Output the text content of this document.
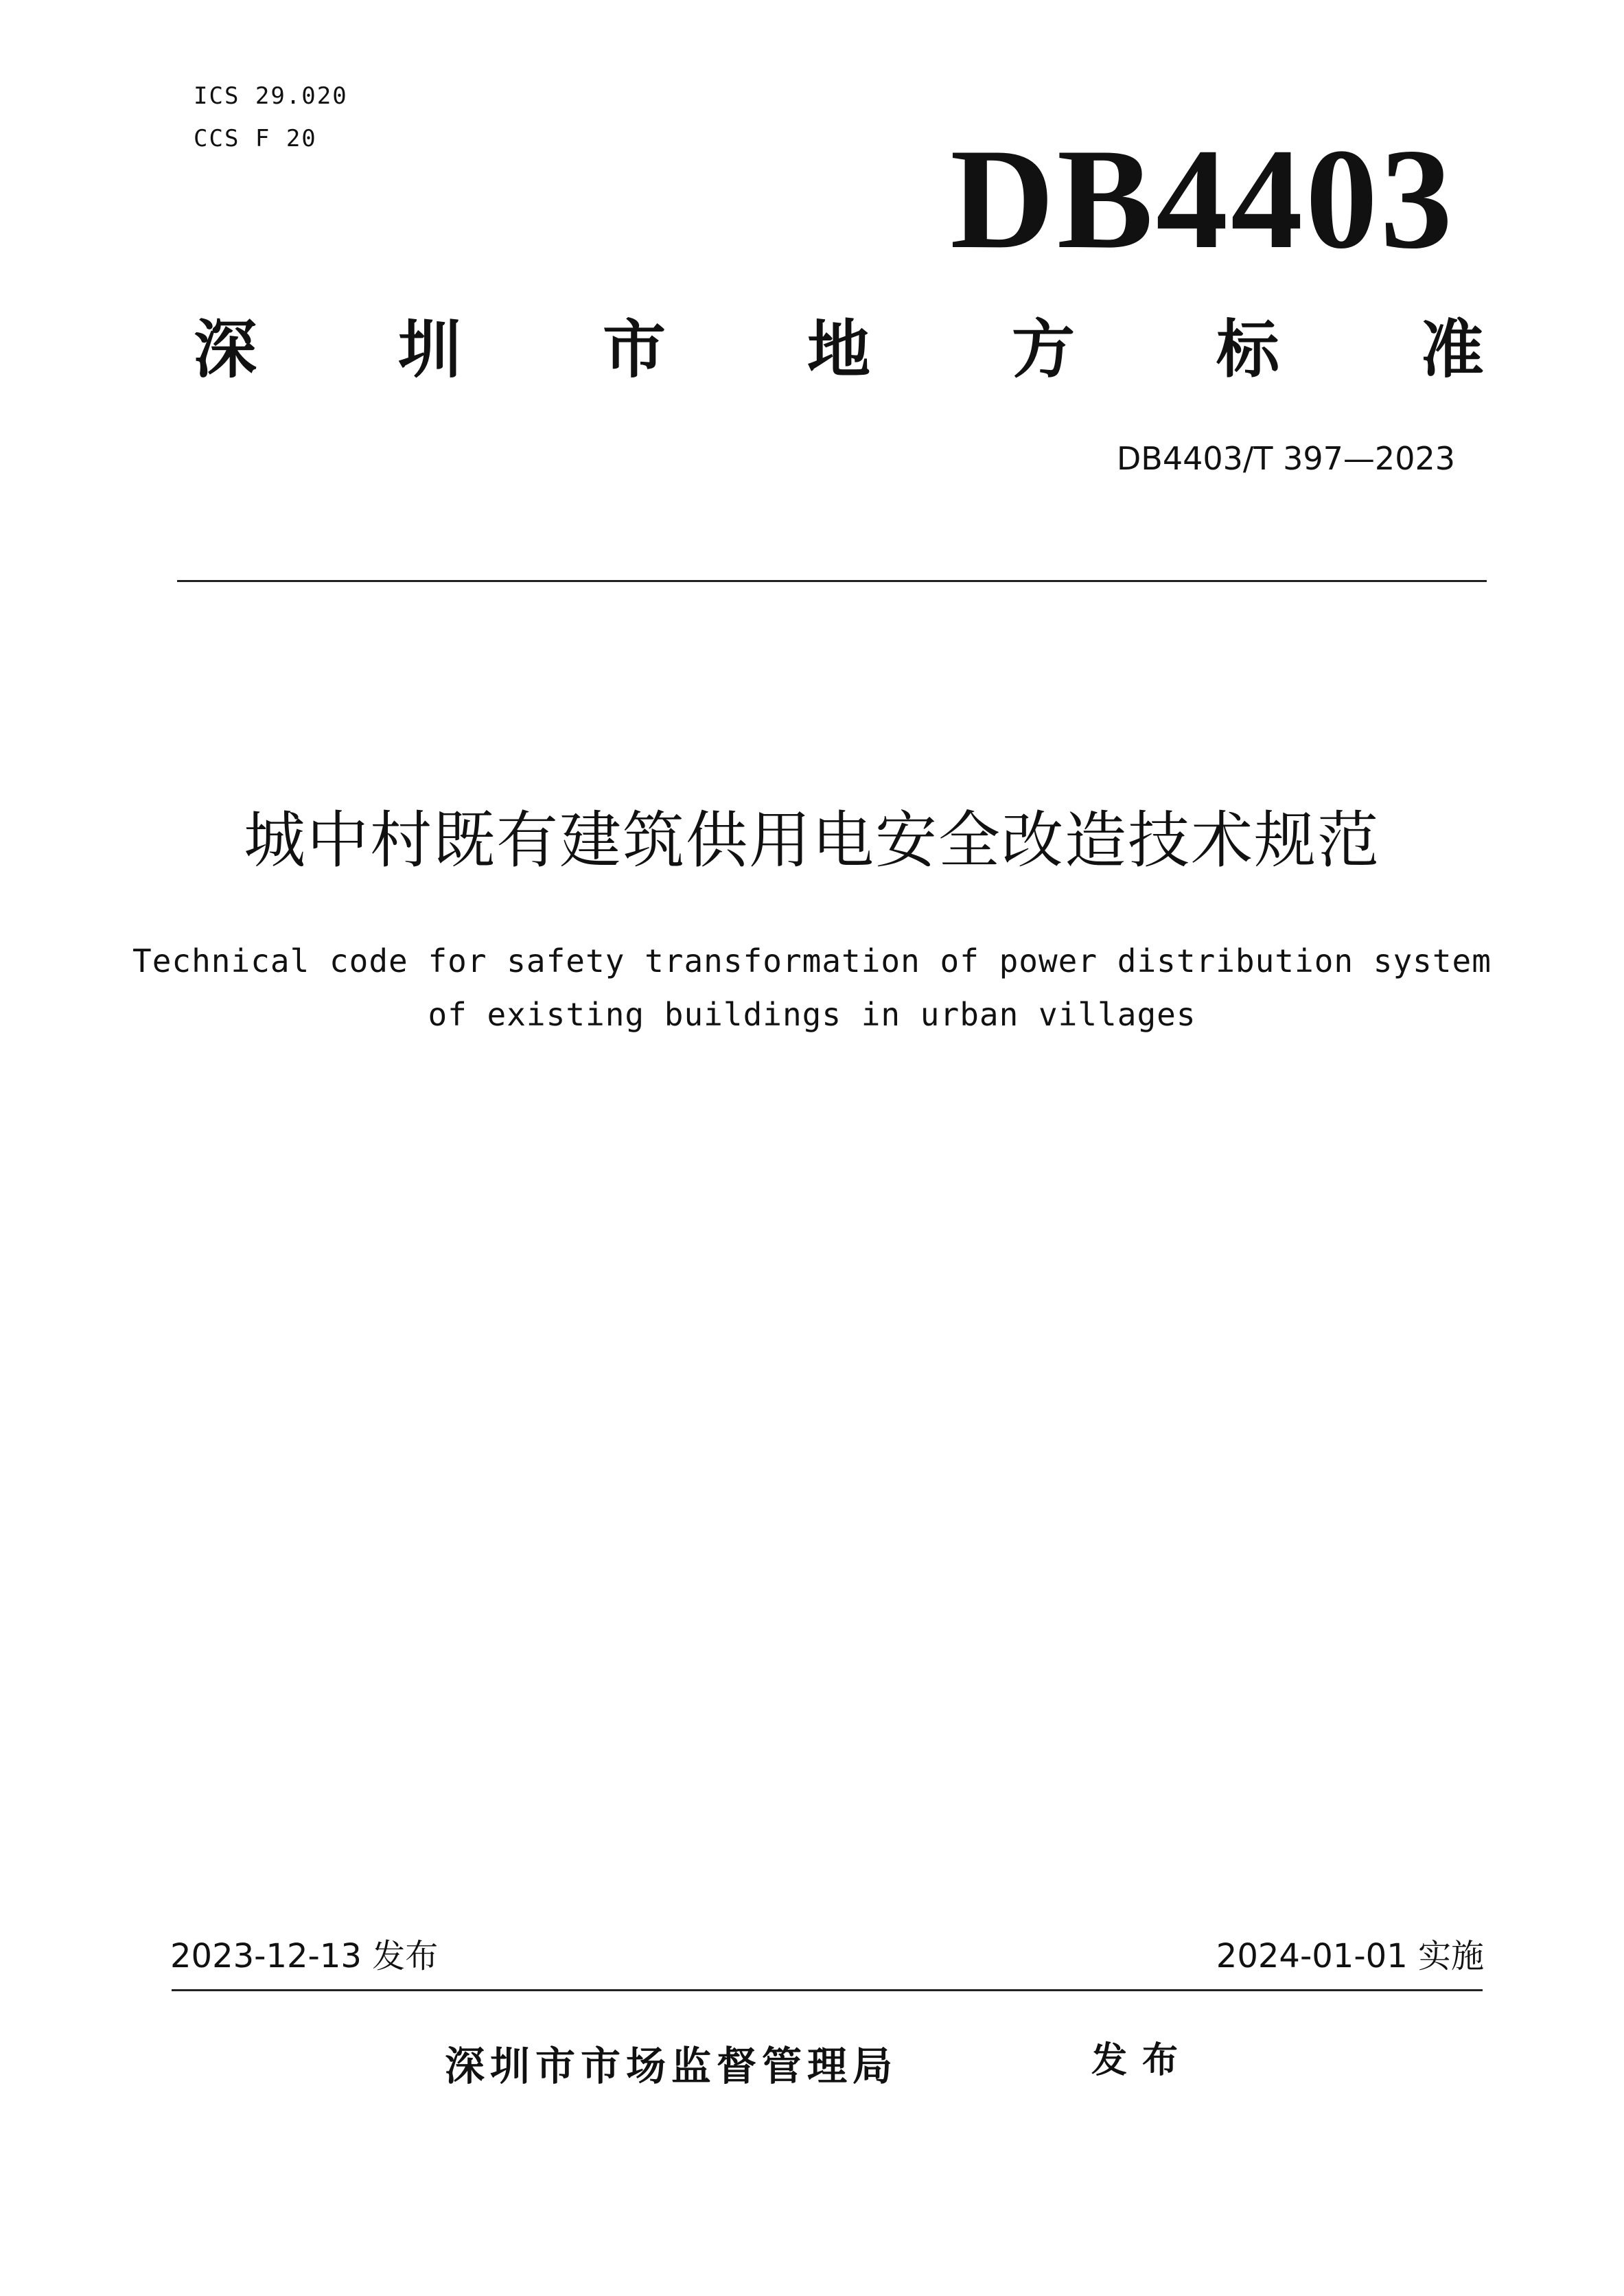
ICS 29.020
CCS F 20	DB4403
深 圳 市 地 方 标 准
DB4403/T 397—2023
城中村既有建筑供用电安全改造技术规范
Technical code for safety transformation of power distribution system
of existing buildings in urban villages
2023-12-13 发布	2024-01-01 实施
深圳市市场监督管理局	发布
